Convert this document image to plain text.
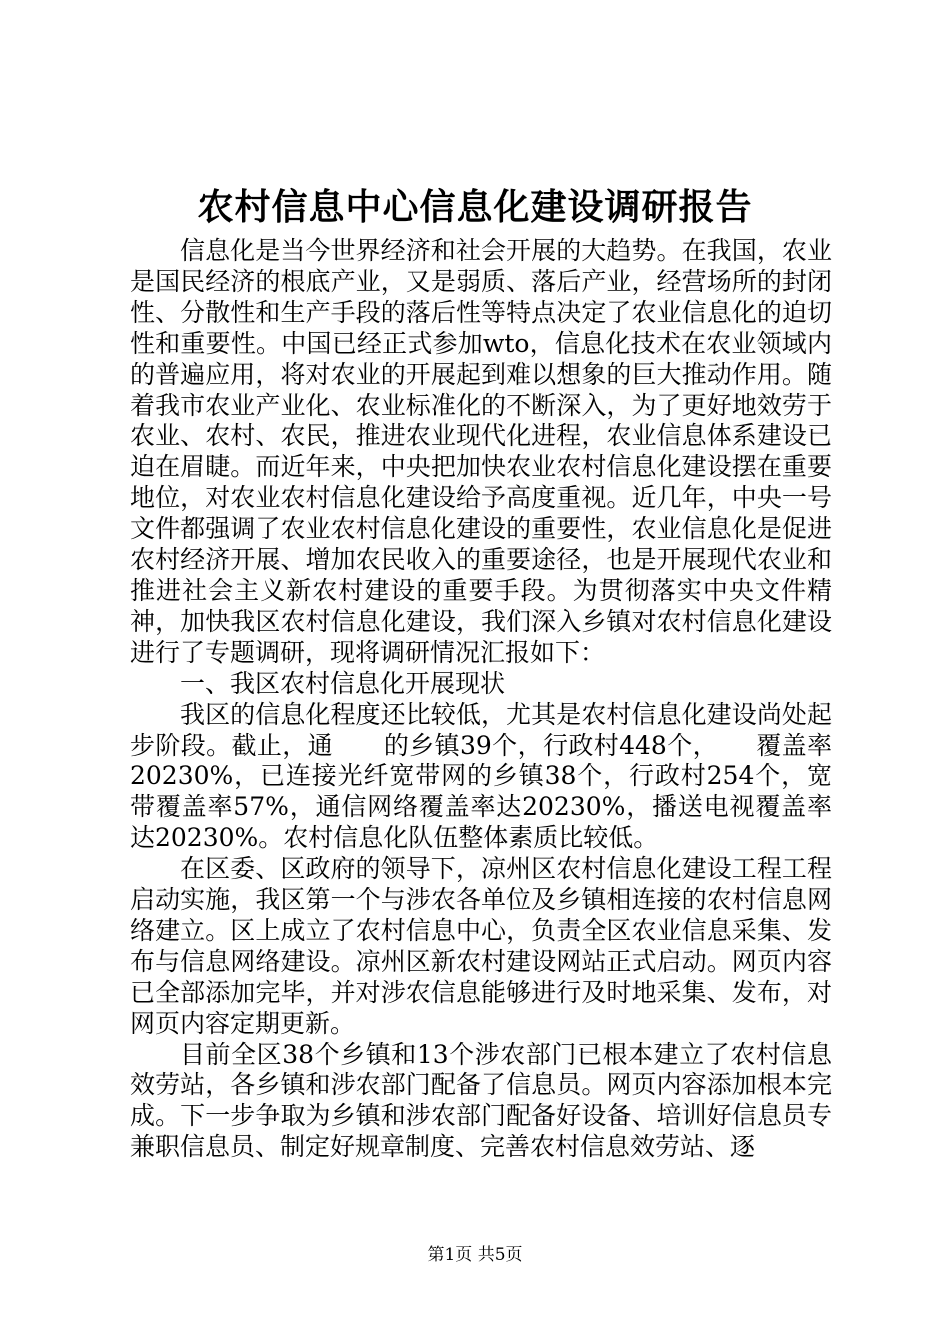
农村信息中心信息化建设调研报告

信息化是当今世界经济和社会开展的大趋势。在我国，农业是国民经济的根底产业，又是弱质、落后产业，经营场所的封闭性、分散性和生产手段的落后性等特点决定了农业信息化的迫切性和重要性。中国已经正式参加wto，信息化技术在农业领域内的普遍应用，将对农业的开展起到难以想象的巨大推动作用。随着我市农业产业化、农业标准化的不断深入，为了更好地效劳于农业、农村、农民，推进农业现代化进程，农业信息体系建设已迫在眉睫。而近年来，中央把加快农业农村信息化建设摆在重要地位，对农业农村信息化建设给予高度重视。近几年，中央一号文件都强调了农业农村信息化建设的重要性，农业信息化是促进农村经济开展、增加农民收入的重要途径，也是开展现代农业和推进社会主义新农村建设的重要手段。为贯彻落实中央文件精神，加快我区农村信息化建设，我们深入乡镇对农村信息化建设进行了专题调研，现将调研情况汇报如下：

一、我区农村信息化开展现状

我区的信息化程度还比较低，尤其是农村信息化建设尚处起步阶段。截止，通　　的乡镇39个，行政村448个，　　覆盖率20230%，已连接光纤宽带网的乡镇38个，行政村254个，宽带覆盖率57%，通信网络覆盖率达20230%，播送电视覆盖率达20230%。农村信息化队伍整体素质比较低。

在区委、区政府的领导下，凉州区农村信息化建设工程工程启动实施，我区第一个与涉农各单位及乡镇相连接的农村信息网络建立。区上成立了农村信息中心，负责全区农业信息采集、发布与信息网络建设。凉州区新农村建设网站正式启动。网页内容已全部添加完毕，并对涉农信息能够进行及时地采集、发布，对网页内容定期更新。

目前全区38个乡镇和13个涉农部门已根本建立了农村信息效劳站，各乡镇和涉农部门配备了信息员。网页内容添加根本完成。下一步争取为乡镇和涉农部门配备好设备、培训好信息员专兼职信息员、制定好规章制度、完善农村信息效劳站、逐

第1页 共5页
